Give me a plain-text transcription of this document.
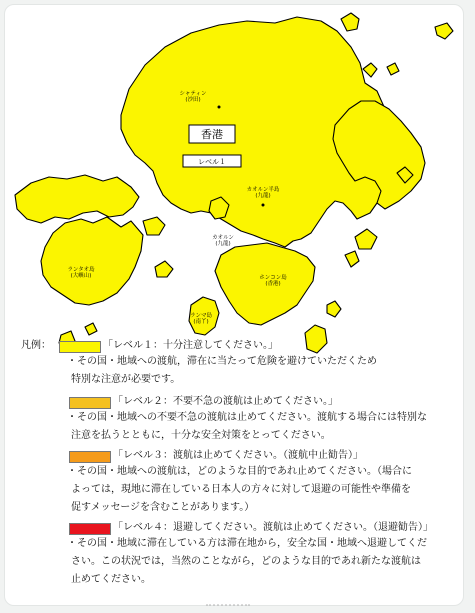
香港
レベル１
シャティン(沙田)
カオルン半島(九龍)
カオルン(九龍)
ランタオ島(大嶼山)	ホンコン島(香港)
ランマ島(南丫)
凡例：	「レベル１：十分注意してください。」
・その国・地域への渡航，滞在に当たって危険を避けていただくため
特別な注意が必要です。
「レベル２：不要不急の渡航は止めてください。」
・その国・地域への不要不急の渡航は止めてください。渡航する場合には特別な
注意を払うとともに，十分な安全対策をとってください。
「レベル３：渡航は止めてください。（渡航中止勧告）」
・その国・地域への渡航は，どのような目的であれ止めてください。（場合に
よっては，現地に滞在している日本人の方々に対して退避の可能性や準備を
促すメッセージを含むことがあります。）
「レベル４：退避してください。渡航は止めてください。（退避勧告）」
・その国・地域に滞在している方は滞在地から，安全な国・地域へ退避してくだ
さい。この状況では，当然のことながら，どのような目的であれ新たな渡航は
止めてください。
